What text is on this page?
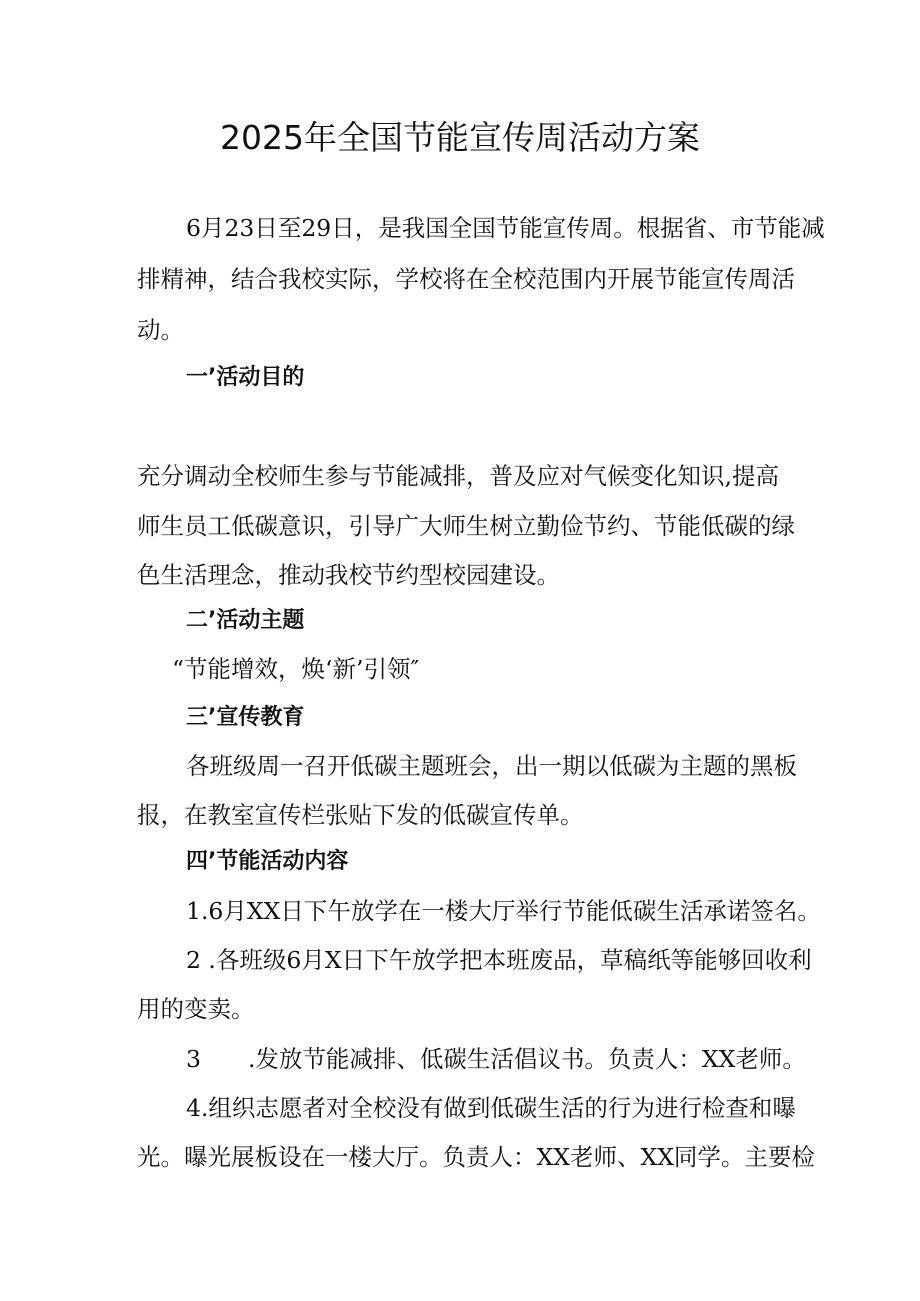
2025年全国节能宣传周活动方案
6月23日至29日，是我国全国节能宣传周。根据省、市节能减
排精神，结合我校实际，学校将在全校范围内开展节能宣传周活
动。
一’活动目的
充分调动全校师生参与节能减排，普及应对气候变化知识,提高
师生员工低碳意识，引导广大师生树立勤俭节约、节能低碳的绿
色生活理念，推动我校节约型校园建设。
二’活动主题
“节能增效，焕‘新’引领″
三’宣传教育
各班级周一召开低碳主题班会，出一期以低碳为主题的黑板
报，在教室宣传栏张贴下发的低碳宣传单。
四’节能活动内容
1.6月XX日下午放学在一楼大厅举行节能低碳生活承诺签名。
2 .各班级6月X日下午放学把本班废品，草稿纸等能够回收利
用的变卖。
3　　.发放节能减排、低碳生活倡议书。负责人：XX老师。
4.组织志愿者对全校没有做到低碳生活的行为进行检查和曝
光。曝光展板设在一楼大厅。负责人：XX老师、XX同学。主要检
